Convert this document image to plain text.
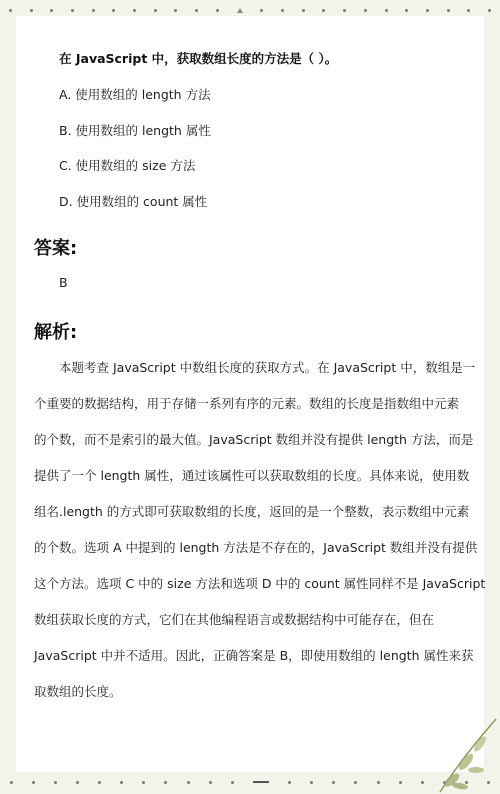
在 JavaScript 中，获取数组长度的方法是（ ）。
A. 使用数组的 length 方法
B. 使用数组的 length 属性
C. 使用数组的 size 方法
D. 使用数组的 count 属性
答案:
B
解析:
本题考查 JavaScript 中数组长度的获取方式。在 JavaScript 中，数组是一
个重要的数据结构，用于存储一系列有序的元素。数组的长度是指数组中元素
的个数，而不是索引的最大值。JavaScript 数组并没有提供 length 方法，而是
提供了一个 length 属性，通过该属性可以获取数组的长度。具体来说，使用数
组名.length 的方式即可获取数组的长度，返回的是一个整数，表示数组中元素
的个数。选项 A 中提到的 length 方法是不存在的，JavaScript 数组并没有提供
这个方法。选项 C 中的 size 方法和选项 D 中的 count 属性同样不是 JavaScript
数组获取长度的方式，它们在其他编程语言或数据结构中可能存在，但在
JavaScript 中并不适用。因此，正确答案是 B，即使用数组的 length 属性来获
取数组的长度。
